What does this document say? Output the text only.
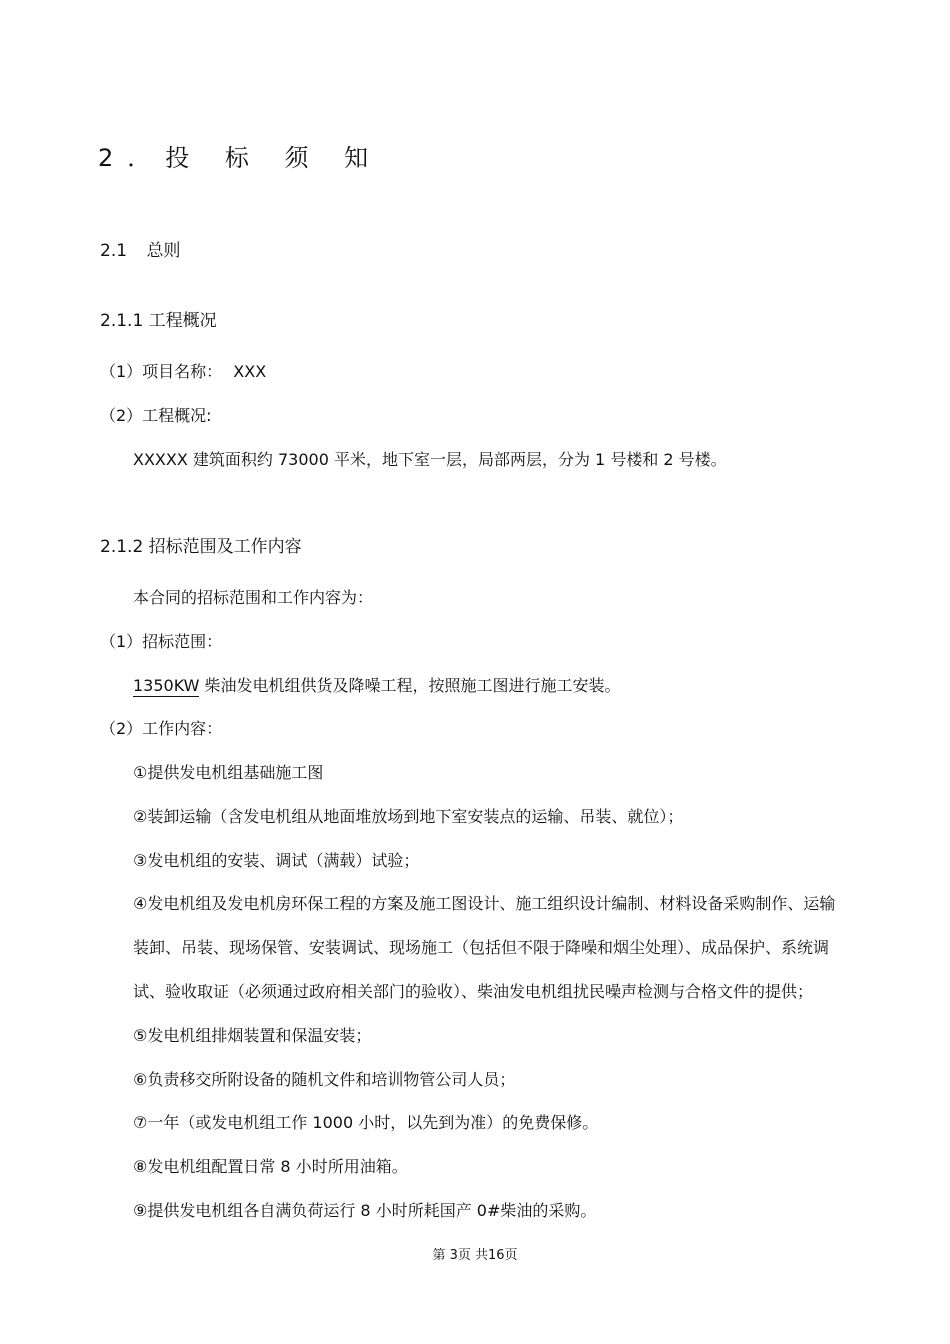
2．投 标 须 知
2.1 总则
2.1.1 工程概况
（1）项目名称： XXX
（2）工程概况:
XXXXX 建筑面积约 73000 平米，地下室一层，局部两层，分为 1 号楼和 2 号楼。
2.1.2 招标范围及工作内容
本合同的招标范围和工作内容为：
（1）招标范围：
1350KW 柴油发电机组供货及降噪工程，按照施工图进行施工安装。
（2）工作内容：
①提供发电机组基础施工图
②装卸运输（含发电机组从地面堆放场到地下室安装点的运输、吊装、就位）；
③发电机组的安装、调试（满载）试验；
④发电机组及发电机房环保工程的方案及施工图设计、施工组织设计编制、材料设备采购制作、运输
装卸、吊装、现场保管、安装调试、现场施工（包括但不限于降噪和烟尘处理）、成品保护、系统调
试、验收取证（必须通过政府相关部门的验收）、柴油发电机组扰民噪声检测与合格文件的提供；
⑤发电机组排烟装置和保温安装；
⑥负责移交所附设备的随机文件和培训物管公司人员；
⑦一年（或发电机组工作 1000 小时，以先到为准）的免费保修。
⑧发电机组配置日常 8 小时所用油箱。
⑨提供发电机组各自满负荷运行 8 小时所耗国产 0#柴油的采购。
第 3页 共16页
